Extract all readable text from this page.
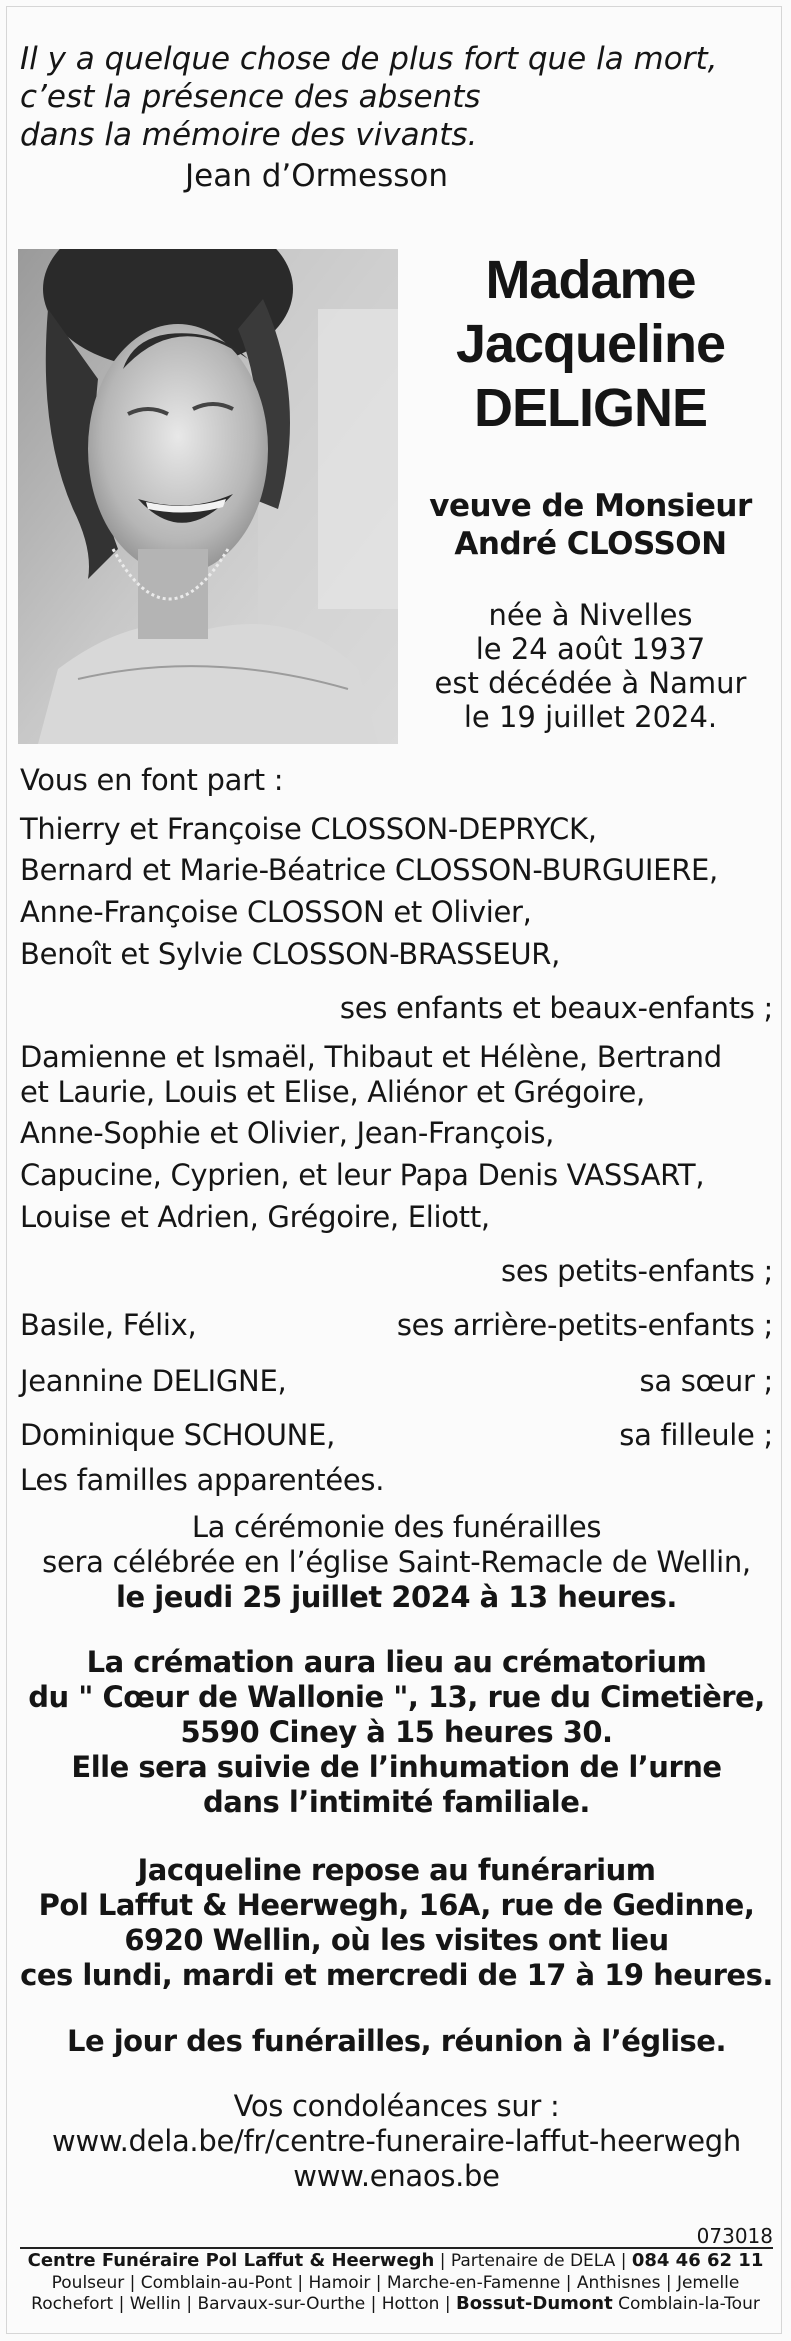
Il y a quelque chose de plus fort que la mort,
c’est la présence des absents
dans la mémoire des vivants.
Jean d’Ormesson
Madame
Jacqueline
DELIGNE
veuve de Monsieur
André CLOSSON
née à Nivelles
le 24 août 1937
est décédée à Namur
le 19 juillet 2024.
Vous en font part :
Thierry et Françoise CLOSSON-DEPRYCK,
Bernard et Marie-Béatrice CLOSSON-BURGUIERE,
Anne-Françoise CLOSSON et Olivier,
Benoît et Sylvie CLOSSON-BRASSEUR,
ses enfants et beaux-enfants ;
Damienne et Ismaël, Thibaut et Hélène, Bertrand
et Laurie, Louis et Elise, Aliénor et Grégoire,
Anne-Sophie et Olivier, Jean-François,
Capucine, Cyprien, et leur Papa Denis VASSART,
Louise et Adrien, Grégoire, Eliott,
ses petits-enfants ;
Basile, Félix,	ses arrière-petits-enfants ;
Jeannine DELIGNE,	sa sœur ;
Dominique SCHOUNE,	sa filleule ;
Les familles apparentées.
La cérémonie des funérailles
sera célébrée en l’église Saint-Remacle de Wellin,
le jeudi 25 juillet 2024 à 13 heures.
La crémation aura lieu au crématorium
du " Cœur de Wallonie ", 13, rue du Cimetière,
5590 Ciney à 15 heures 30.
Elle sera suivie de l’inhumation de l’urne
dans l’intimité familiale.
Jacqueline repose au funérarium
Pol Laffut & Heerwegh, 16A, rue de Gedinne,
6920 Wellin, où les visites ont lieu
ces lundi, mardi et mercredi de 17 à 19 heures.
Le jour des funérailles, réunion à l’église.
Vos condoléances sur :
www.dela.be/fr/centre-funeraire-laffut-heerwegh
www.enaos.be
073018
Centre Funéraire Pol Laffut & Heerwegh | Partenaire de DELA | 084 46 62 11
Poulseur | Comblain-au-Pont | Hamoir | Marche-en-Famenne | Anthisnes | Jemelle
Rochefort | Wellin | Barvaux-sur-Ourthe | Hotton | Bossut-Dumont Comblain-la-Tour
